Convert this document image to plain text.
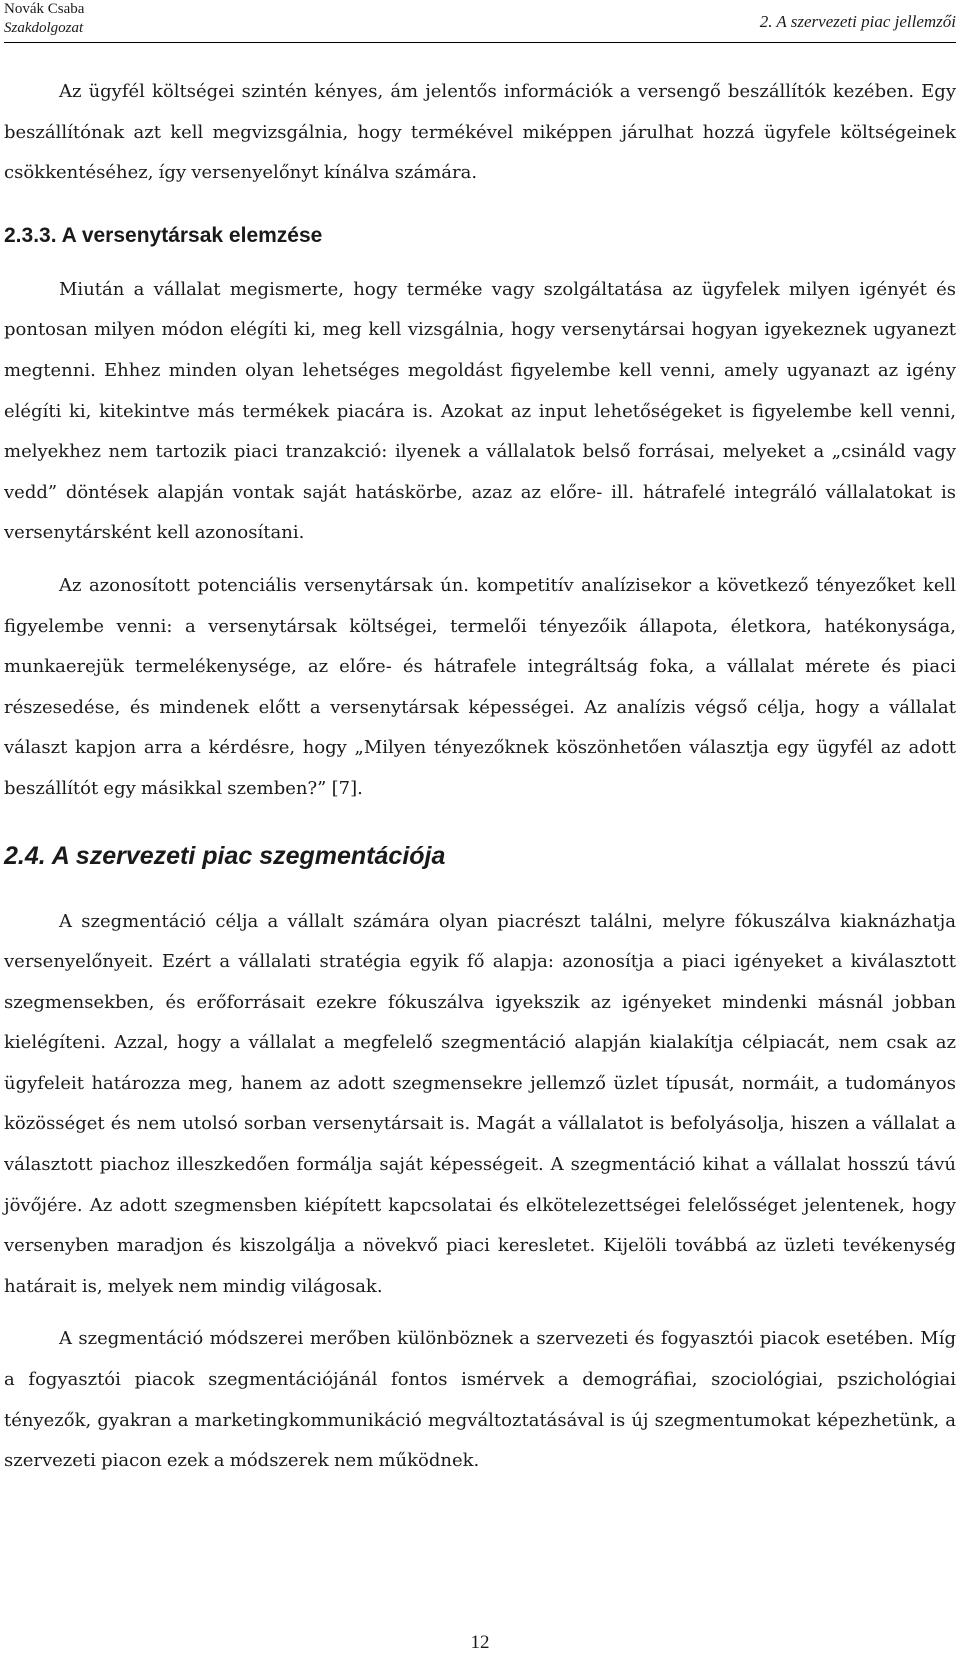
Novák Csaba
Szakdolgozat	2. A szervezeti piac jellemzői

Az ügyfél költségei szintén kényes, ám jelentős információk a versengő beszállítók kezében. Egy beszállítónak azt kell megvizsgálnia, hogy termékével miképpen járulhat hozzá ügyfele költségeinek csökkentéséhez, így versenyelőnyt kínálva számára.

2.3.3. A versenytársak elemzése

Miután a vállalat megismerte, hogy terméke vagy szolgáltatása az ügyfelek milyen igényét és pontosan milyen módon elégíti ki, meg kell vizsgálnia, hogy versenytársai hogyan igyekeznek ugyanezt megtenni. Ehhez minden olyan lehetséges megoldást figyelembe kell venni, amely ugyanazt az igény elégíti ki, kitekintve más termékek piacára is. Azokat az input lehetőségeket is figyelembe kell venni, melyekhez nem tartozik piaci tranzakció: ilyenek a vállalatok belső forrásai, melyeket a „csináld vagy vedd” döntések alapján vontak saját hatáskörbe, azaz az előre- ill. hátrafelé integráló vállalatokat is versenytársként kell azonosítani.

Az azonosított potenciális versenytársak ún. kompetitív analízisekor a következő tényezőket kell figyelembe venni: a versenytársak költségei, termelői tényezőik állapota, életkora, hatékonysága, munkaerejük termelékenysége, az előre- és hátrafele integráltság foka, a vállalat mérete és piaci részesedése, és mindenek előtt a versenytársak képességei. Az analízis végső célja, hogy a vállalat választ kapjon arra a kérdésre, hogy „Milyen tényezőknek köszönhetően választja egy ügyfél az adott beszállítót egy másikkal szemben?” [7].

2.4. A szervezeti piac szegmentációja

A szegmentáció célja a vállalt számára olyan piacrészt találni, melyre fókuszálva kiaknázhatja versenyelőnyeit. Ezért a vállalati stratégia egyik fő alapja: azonosítja a piaci igényeket a kiválasztott szegmensekben, és erőforrásait ezekre fókuszálva igyekszik az igényeket mindenki másnál jobban kielégíteni. Azzal, hogy a vállalat a megfelelő szegmentáció alapján kialakítja célpiacát, nem csak az ügyfeleit határozza meg, hanem az adott szegmensekre jellemző üzlet típusát, normáit, a tudományos közösséget és nem utolsó sorban versenytársait is. Magát a vállalatot is befolyásolja, hiszen a vállalat a választott piachoz illeszkedően formálja saját képességeit. A szegmentáció kihat a vállalat hosszú távú jövőjére. Az adott szegmensben kiépített kapcsolatai és elkötelezettségei felelősséget jelentenek, hogy versenyben maradjon és kiszolgálja a növekvő piaci keresletet. Kijelöli továbbá az üzleti tevékenység határait is, melyek nem mindig világosak.

A szegmentáció módszerei merőben különböznek a szervezeti és fogyasztói piacok esetében. Míg a fogyasztói piacok szegmentációjánál fontos ismérvek a demográfiai, szociológiai, pszichológiai tényezők, gyakran a marketingkommunikáció megváltoztatásával is új szegmentumokat képezhetünk, a szervezeti piacon ezek a módszerek nem működnek.

12
